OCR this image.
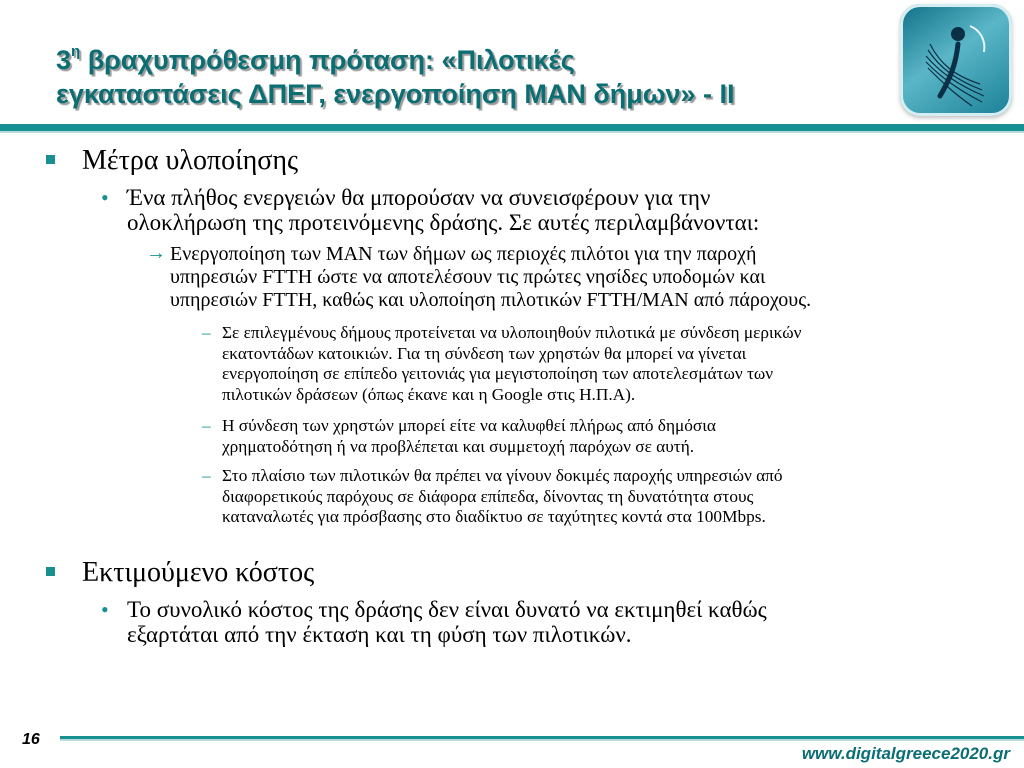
$3^\eta$ βραχυπρόθεσμη πρόταση: «Πιλοτικές
εγκαταστάσεις ΔΠΕΓ, ενεργοποίηση ΜΑΝ δήμων» - ΙΙ
Μέτρα υλοποίησης
• Ένα πλήθος ενεργειών θα μπορούσαν να συνεισφέρουν για την
ολοκλήρωση της προτεινόμενης δράσης. Σε αυτές περιλαμβάνονται:
→ Ενεργοποίηση των ΜΑΝ των δήμων ως περιοχές πιλότοι για την παροχή
υπηρεσιών FTTH ώστε να αποτελέσουν τις πρώτες νησίδες υποδομών και
υπηρεσιών FTTH, καθώς και υλοποίηση πιλοτικών FTTH/MAN από πάροχους.
– Σε επιλεγμένους δήμους προτείνεται να υλοποιηθούν πιλοτικά με σύνδεση μερικών
εκατοντάδων κατοικιών. Για τη σύνδεση των χρηστών θα μπορεί να γίνεται
ενεργοποίηση σε επίπεδο γειτονιάς για μεγιστοποίηση των αποτελεσμάτων των
πιλοτικών δράσεων (όπως έκανε και η Google στις Η.Π.Α).
– Η σύνδεση των χρηστών μπορεί είτε να καλυφθεί πλήρως από δημόσια
χρηματοδότηση ή να προβλέπεται και συμμετοχή παρόχων σε αυτή.
– Στο πλαίσιο των πιλοτικών θα πρέπει να γίνουν δοκιμές παροχής υπηρεσιών από
διαφορετικούς παρόχους σε διάφορα επίπεδα, δίνοντας τη δυνατότητα στους
καταναλωτές για πρόσβασης στο διαδίκτυο σε ταχύτητες κοντά στα 100Mbps.
Εκτιμούμενο κόστος
• Το συνολικό κόστος της δράσης δεν είναι δυνατό να εκτιμηθεί καθώς
εξαρτάται από την έκταση και τη φύση των πιλοτικών.
16
www.digitalgreece2020.gr
